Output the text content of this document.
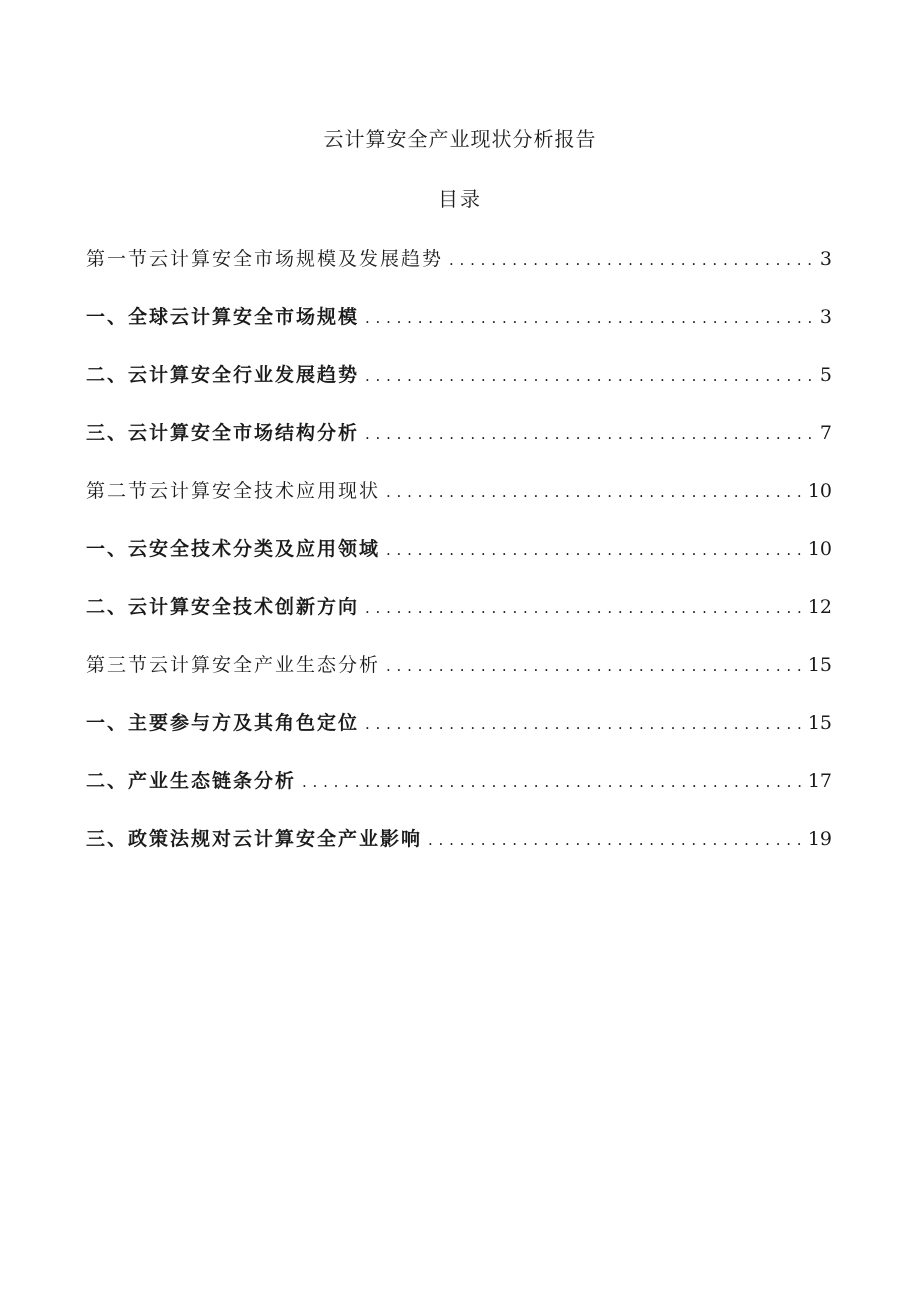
云计算安全产业现状分析报告
目录
第一节云计算安全市场规模及发展趋势 . . .	3
一、全球云计算安全市场规模 . . .	3
二、云计算安全行业发展趋势 . . .	5
三、云计算安全市场结构分析 . . .	7
第二节云计算安全技术应用现状 . . .	10
一、云安全技术分类及应用领域 . . .	10
二、云计算安全技术创新方向 . . .	12
第三节云计算安全产业生态分析 . . .	15
一、主要参与方及其角色定位 . . .	15
二、产业生态链条分析 . . .	17
三、政策法规对云计算安全产业影响 . . .	19
